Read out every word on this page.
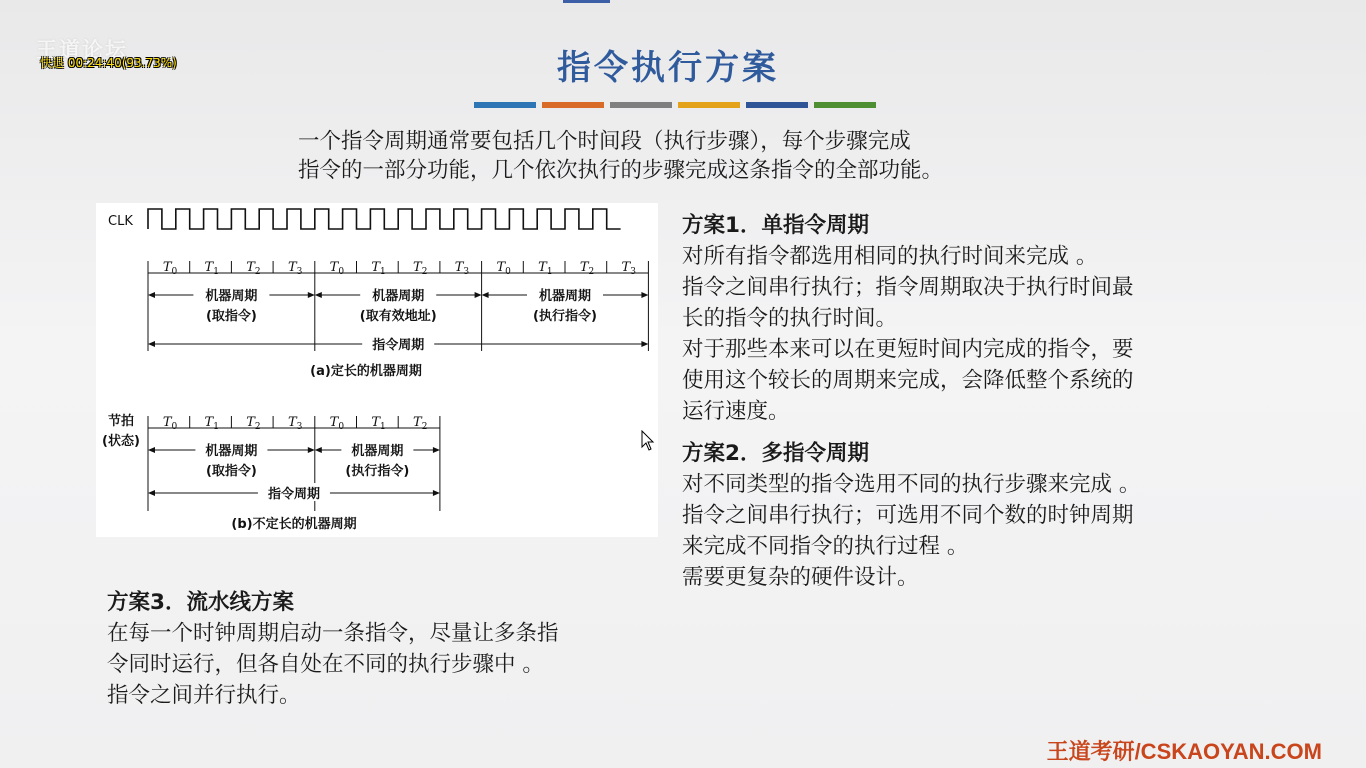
王道论坛
快退 00:24:40(93.73%)	指令执行方案
一个指令周期通常要包括几个时间段（执行步骤），每个步骤完成
指令的一部分功能，几个依次执行的步骤完成这条指令的全部功能。
CLK
$T_0$ $T_1$ $T_2$ $T_3$ $T_0$ $T_1$ $T_2$ $T_3$ $T_0$ $T_1$ $T_2$ $T_3$
机器周期
(取指令)
机器周期
(取有效地址)
机器周期
(执行指令)
指令周期
(a)定长的机器周期
节拍
(状态)
$T_0$ $T_1$ $T_2$ $T_3$ $T_0$ $T_1$ $T_2$
机器周期
(取指令)
机器周期
(执行指令)
指令周期
(b)不定长的机器周期
方案1．单指令周期
对所有指令都选用相同的执行时间来完成 。
指令之间串行执行；指令周期取决于执行时间最
长的指令的执行时间。
对于那些本来可以在更短时间内完成的指令，要
使用这个较长的周期来完成，会降低整个系统的
运行速度。
方案2．多指令周期
对不同类型的指令选用不同的执行步骤来完成 。
指令之间串行执行；可选用不同个数的时钟周期
来完成不同指令的执行过程 。
需要更复杂的硬件设计。
方案3．流水线方案
在每一个时钟周期启动一条指令，尽量让多条指
令同时运行，但各自处在不同的执行步骤中 。
指令之间并行执行。
王道考研/CSKAOYAN.COM
